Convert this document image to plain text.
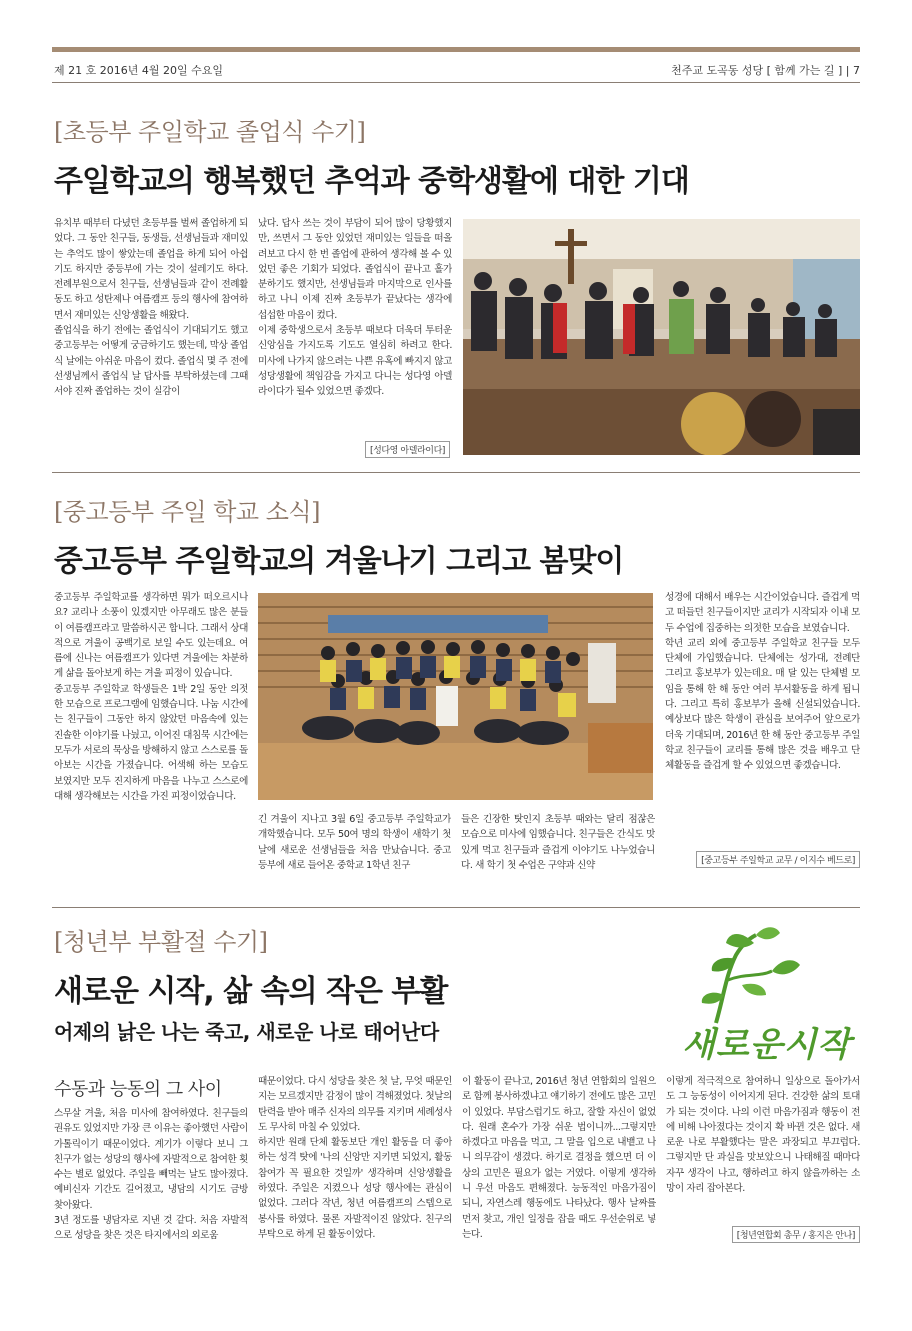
제 21 호 2016년 4월 20일 수요일	천주교 도곡동 성당 [ 함께 가는 길 ] | 7
[초등부 주일학교 졸업식 수기]
주일학교의 행복했던 추억과 중학생활에 대한 기대

유치부 때부터 다녔던 초등부를 벌써 졸업하게 되었다. 그 동안 친구들, 동생들, 선생님들과 재미있는 추억도 많이 쌓았는데 졸업을 하게 되어 아쉽기도 하지만 중등부에 가는 것이 설레기도 하다. 전례부원으로서 친구들, 선생님들과 같이 전례활동도 하고 성탄제나 여름캠프 등의 행사에 참여하면서 재미있는 신앙생활을 해왔다.

졸업식을 하기 전에는 졸업식이 기대되기도 했고 중고등부는 어떻게 궁금하기도 했는데, 막상 졸업식 날에는 아쉬운 마음이 컸다. 졸업식 몇 주 전에 선생님께서 졸업식 날 답사를 부탁하셨는데 그때서야 진짜 졸업하는 것이 실감이

났다. 답사 쓰는 것이 부담이 되어 많이 당황했지만, 쓰면서 그 동안 있었던 재미있는 일들을 떠올려보고 다시 한 번 졸업에 관하여 생각해 볼 수 있었던 좋은 기회가 되었다. 졸업식이 끝나고 홀가분하기도 했지만, 선생님들과 마지막으로 인사를 하고 나니 이제 진짜 초등부가 끝났다는 생각에 섭섭한 마음이 컸다.

이제 중학생으로서 초등부 때보다 더욱더 투터운 신앙심을 가지도록 기도도 열심히 하려고 한다. 미사에 나가지 않으려는 나쁜 유혹에 빠지지 않고 성당생활에 책임감을 가지고 다니는 성다영 아델라이다가 될수 있었으면 좋겠다.

[성다영 아델라이다]
[중고등부 주일 학교 소식]
중고등부 주일학교의 겨울나기 그리고 봄맞이

중고등부 주일학교를 생각하면 뭐가 떠오르시나요? 교리나 소풍이 있겠지만 아무래도 많은 분들이 여름캠프라고 말씀하시곤 합니다. 그래서 상대적으로 겨울이 공백기로 보일 수도 있는데요. 여름에 신나는 여름캠프가 있다면 겨울에는 차분하게 삶을 돌아보게 하는 겨울 피정이 있습니다.

중고등부 주일학교 학생들은 1박 2일 동안 의젓한 모습으로 프로그램에 임했습니다. 나눔 시간에는 친구들이 그동안 하지 않았던 마음속에 있는 진솔한 이야기를 나눴고, 이어진 대침묵 시간에는 모두가 서로의 묵상을 방해하지 않고 스스로를 돌아보는 시간을 가졌습니다. 어색해 하는 모습도 보였지만 모두 진지하게 마음을 나누고 스스로에 대해 생각해보는 시간을 가진 피정이었습니다.

긴 겨울이 지나고 3월 6일 중고등부 주일학교가 개학했습니다. 모두 50여 명의 학생이 새학기 첫 날에 새로운 선생님들을 처음 만났습니다. 중고등부에 새로 들어온 중학교 1학년 친구

들은 긴장한 탓인지 초등부 때와는 달리 점잖은 모습으로 미사에 임했습니다. 친구들은 간식도 맛있게 먹고 친구들과 즐겁게 이야기도 나누었습니다. 새 학기 첫 수업은 구약과 신약

성경에 대해서 배우는 시간이었습니다. 즐겁게 먹고 떠들던 친구들이지만 교리가 시작되자 이내 모두 수업에 집중하는 의젓한 모습을 보였습니다.

학년 교리 외에 중고등부 주일학교 친구들 모두 단체에 가입했습니다. 단체에는 성가대, 전례단 그리고 홍보부가 있는데요. 매 달 있는 단체별 모임을 통해 한 해 동안 여러 부서활동을 하게 됩니다. 그리고 특히 홍보부가 올해 신설되었습니다. 예상보다 많은 학생이 관심을 보여주어 앞으로가 더욱 기대되며, 2016년 한 해 동안 중고등부 주일학교 친구들이 교리를 통해 많은 것을 배우고 단체활동을 즐겁게 할 수 있었으면 좋겠습니다.

[중고등부 주일학교 교무 / 이지수 베드로]
[청년부 부활절 수기]
새로운 시작, 삶 속의 작은 부활
어제의 낡은 나는 죽고, 새로운 나로 태어난다	새로운시작
수동과 능동의 그 사이

스무살 겨울, 처음 미사에 참여하였다. 친구들의 권유도 있었지만 가장 큰 이유는 좋아했던 사람이 가톨릭이기 때문이었다. 계기가 이렇다 보니 그 친구가 없는 성당의 행사에 자발적으로 참여한 횟수는 별로 없었다. 주일을 빼먹는 날도 많아졌다. 예비신자 기간도 길어졌고, 냉담의 시기도 금방 찾아왔다.

3년 정도를 냉담자로 지낸 것 같다. 처음 자발적으로 성당을 찾은 것은 타지에서의 외로움

때문이었다. 다시 성당을 찾은 첫 날, 무엇 때문인지는 모르겠지만 감정이 많이 격해졌었다. 첫날의 탄력을 받아 매주 신자의 의무를 지키며 세례성사도 무사히 마칠 수 있었다.

하지만 원래 단체 활동보단 개인 활동을 더 좋아하는 성격 탓에 '나의 신앙만 지키면 되었지, 활동 참여가 꼭 필요한 것일까' 생각하며 신앙생활을 하였다. 주일은 지켰으나 성당 행사에는 관심이 없었다. 그러다 작년, 청년 여름캠프의 스텝으로 봉사를 하였다. 물론 자발적이진 않았다. 친구의 부탁으로 하게 된 활동이었다.

이 활동이 끝나고, 2016년 청년 연합회의 일원으로 함께 봉사하겠냐고 얘기하기 전에도 많은 고민이 있었다. 부담스럽기도 하고, 잘할 자신이 없었다. 원래 혼수가 가장 쉬운 법이니까...그렇지만 하겠다고 마음을 먹고, 그 말을 입으로 내뱉고 나니 의무감이 생겼다. 하기로 결정을 했으면 더 이상의 고민은 필요가 없는 거였다. 이렇게 생각하니 우선 마음도 편해졌다. 능동적인 마음가짐이 되니, 자연스레 행동에도 나타났다. 행사 날짜를 먼저 찾고, 개인 일정을 잡을 때도 우선순위로 넣는다.

이렇게 적극적으로 참여하니 일상으로 돌아가서도 그 능동성이 이어지게 된다. 건강한 삶의 토대가 되는 것이다. 나의 이런 마음가짐과 행동이 전에 비해 나아졌다는 것이지 확 바뀐 것은 없다. 새로운 나로 부활했다는 말은 과장되고 부끄럽다. 그렇지만 단 과실을 맛보았으니 나태해질 때마다 자꾸 생각이 나고, 행하려고 하지 않을까하는 소망이 자리 잡아본다.

[청년연합회 총무 / 홍지은 안나]
